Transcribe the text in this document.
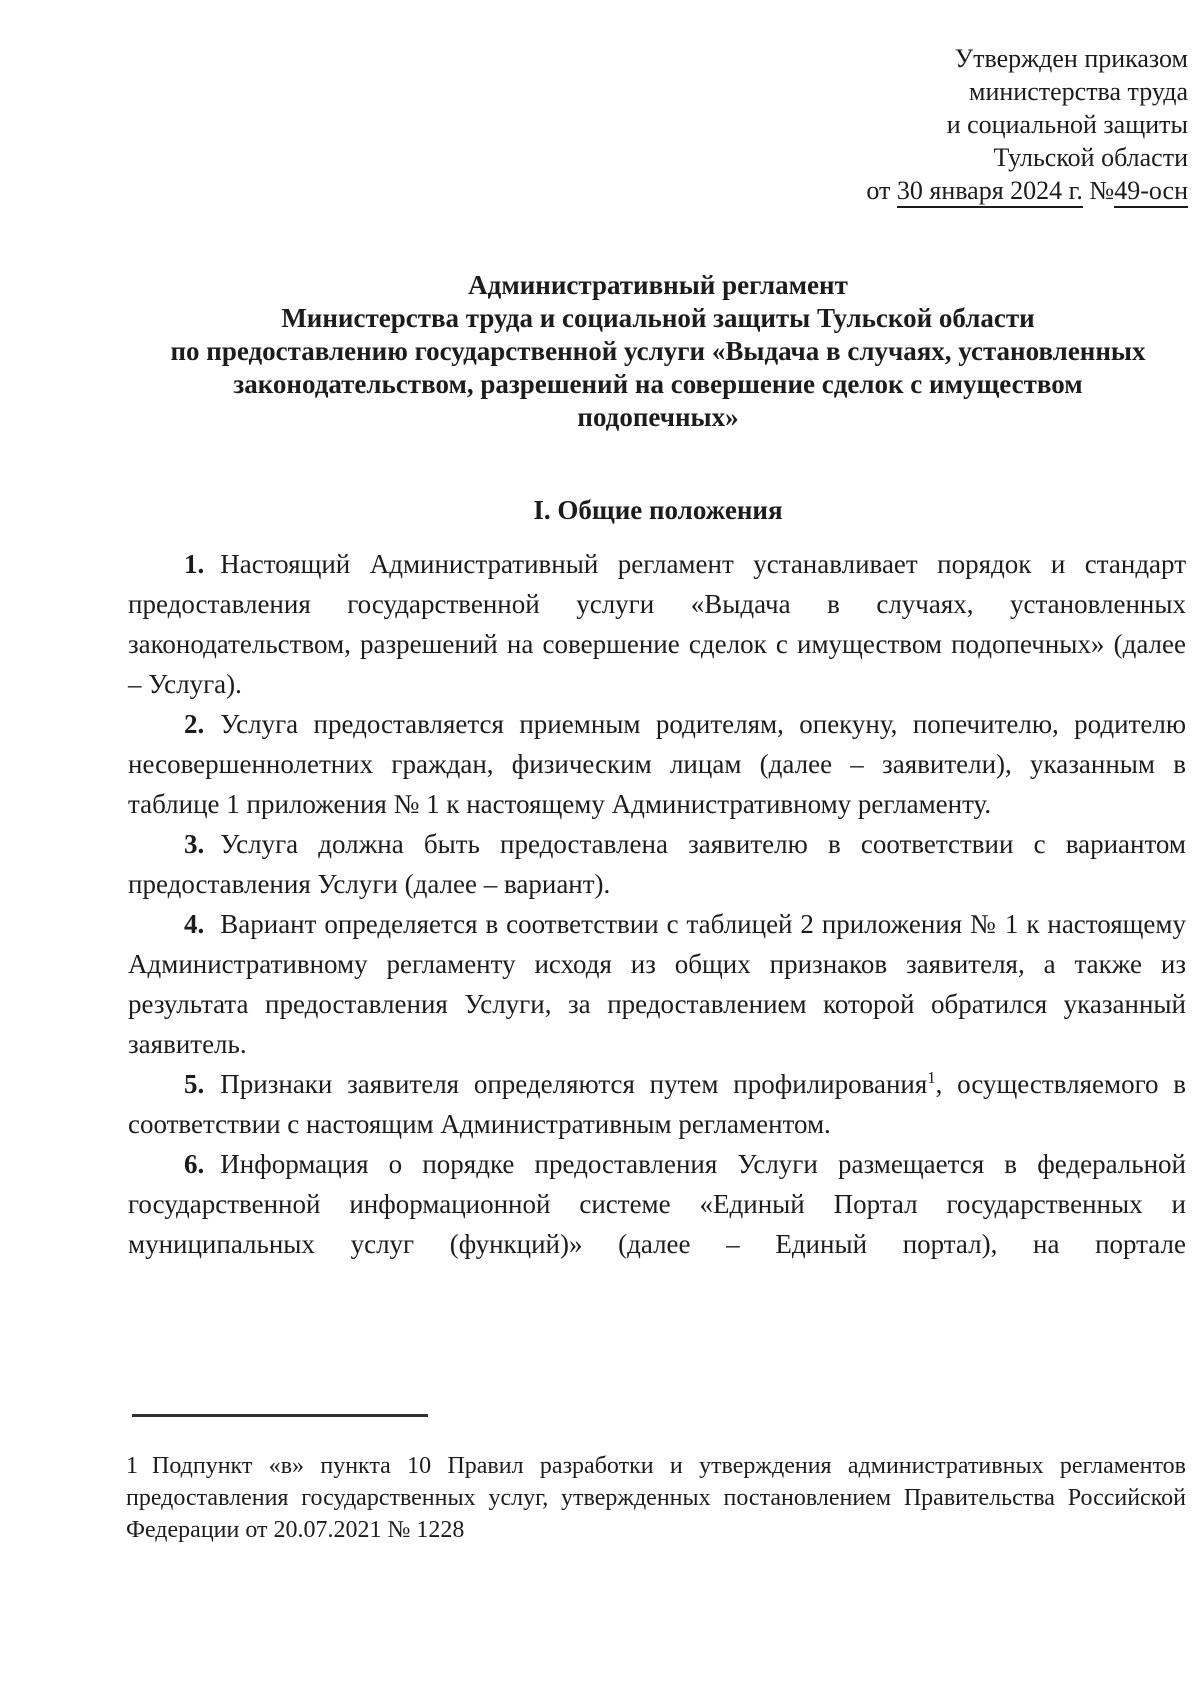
Утвержден приказом
министерства труда
и социальной защиты
Тульской области
от 30 января 2024 г. №49-осн
Административный регламент
Министерства труда и социальной защиты Тульской области
по предоставлению государственной услуги «Выдача в случаях, установленных
законодательством, разрешений на совершение сделок с имуществом
подопечных»
I. Общие положения

1. Настоящий Административный регламент устанавливает порядок и стандарт предоставления государственной услуги «Выдача в случаях, установленных законодательством, разрешений на совершение сделок с имуществом подопечных» (далее – Услуга).

2. Услуга предоставляется приемным родителям, опекуну, попечителю, родителю несовершеннолетних граждан, физическим лицам (далее – заявители), указанным в таблице 1 приложения № 1 к настоящему Административному регламенту.

3. Услуга должна быть предоставлена заявителю в соответствии с вариантом предоставления Услуги (далее – вариант).

4. Вариант определяется в соответствии с таблицей 2 приложения № 1 к настоящему Административному регламенту исходя из общих признаков заявителя, а также из результата предоставления Услуги, за предоставлением которой обратился указанный заявитель.

5. Признаки заявителя определяются путем профилирования$^1$, осуществляемого в соответствии с настоящим Административным регламентом.

6. Информация о порядке предоставления Услуги размещается в федеральной государственной информационной системе «Единый Портал государственных и муниципальных услуг (функций)» (далее – Единый портал), на портале

1 Подпункт «в» пункта 10 Правил разработки и утверждения административных регламентов предоставления государственных услуг, утвержденных постановлением Правительства Российской Федерации от 20.07.2021 № 1228
